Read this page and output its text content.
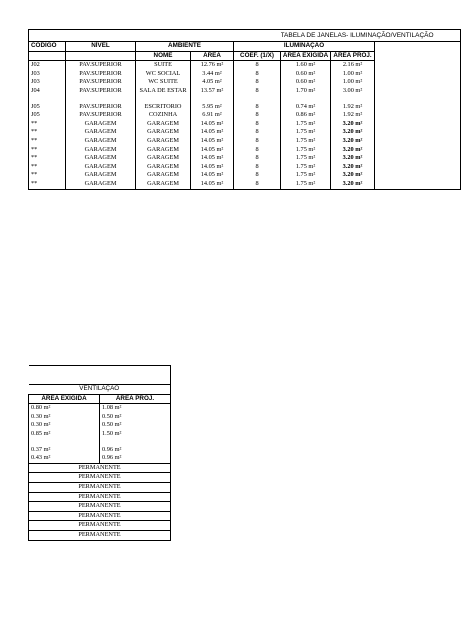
					TABELA DE JANELAS- ILUMINAÇÃO/VENTILAÇÃO		
CÓDIGO	NÍVEL	AMBIENTE		ILUMINAÇÃO			
		NOME	ÁREA	COEF. (1/X)	ÁREA EXIGIDA	ÁREA PROJ.	
J02	PAV.SUPERIOR	SUITE	12.76 m²	8	1.60 m²	2.16 m²	
J03	PAV.SUPERIOR	WC SOCIAL	3.44 m²	8	0.60 m²	1.00 m²	
J03	PAV.SUPERIOR	WC SUITE	4.05 m²	8	0.60 m²	1.00 m²	
J04	PAV.SUPERIOR	SALA DE ESTAR	13.57 m²	8	1.70 m²	3.00 m²	

J05	PAV.SUPERIOR	ESCRITORIO	5.95 m²	8	0.74 m²	1.92 m²	
J05	PAV.SUPERIOR	COZINHA	6.91 m²	8	0.86 m²	1.92 m²	
**	GARAGEM	GARAGEM	14.05 m²	8	1.75 m²	3.20 m²	
**	GARAGEM	GARAGEM	14.05 m²	8	1.75 m²	3.20 m²	
**	GARAGEM	GARAGEM	14.05 m²	8	1.75 m²	3.20 m²	
**	GARAGEM	GARAGEM	14.05 m²	8	1.75 m²	3.20 m²	
**	GARAGEM	GARAGEM	14.05 m²	8	1.75 m²	3.20 m²	
**	GARAGEM	GARAGEM	14.05 m²	8	1.75 m²	3.20 m²	
**	GARAGEM	GARAGEM	14.05 m²	8	1.75 m²	3.20 m²	
**	GARAGEM	GARAGEM	14.05 m²	8	1.75 m²	3.20 m²	

VENTILAÇÃO	
ÁREA EXIGIDA	ÁREA PROJ.
0.80 m²	1.08 m²
0.30 m²	0.50 m²
0.30 m²	0.50 m²
0.85 m²	1.50 m²

0.37 m²	0.96 m²
0.43 m²	0.96 m²
PERMANENTE	
PERMANENTE	
PERMANENTE	
PERMANENTE	
PERMANENTE	
PERMANENTE	
PERMANENTE	
PERMANENTE	
